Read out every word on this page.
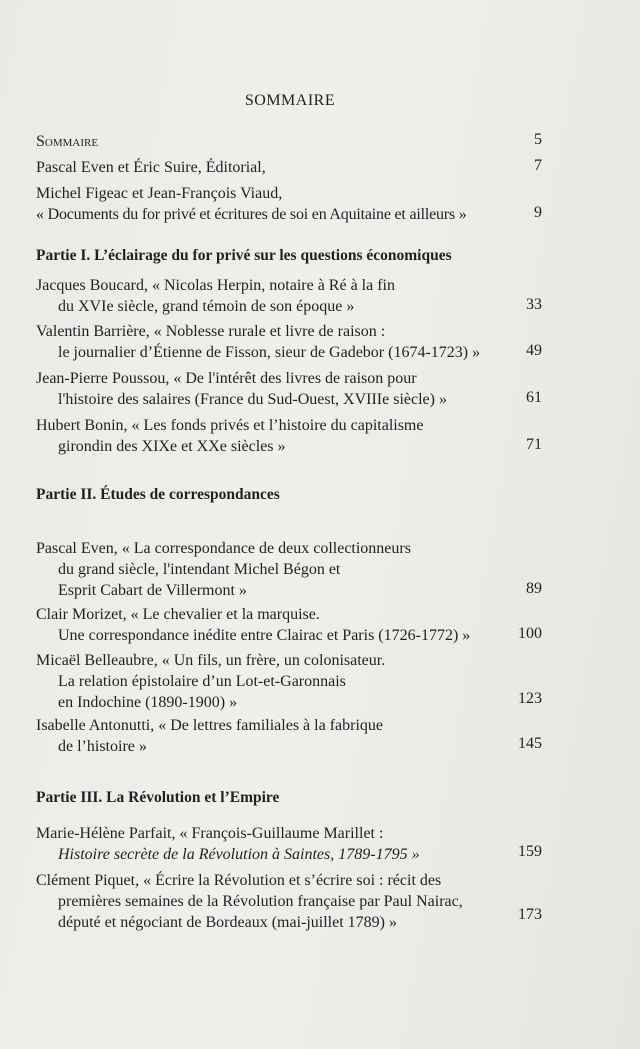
SOMMAIRE
Sommaire	5
Pascal Even et Éric Suire, Éditorial,	7
Michel Figeac et Jean-François Viaud,
« Documents du for privé et écritures de soi en Aquitaine et ailleurs »	9
Partie I. L’éclairage du for privé sur les questions économiques
Jacques Boucard, « Nicolas Herpin, notaire à Ré à la fin
du XVIe siècle, grand témoin de son époque »	33
Valentin Barrière, « Noblesse rurale et livre de raison :
le journalier d’Étienne de Fisson, sieur de Gadebor (1674-1723) »	49
Jean-Pierre Poussou, « De l'intérêt des livres de raison pour
l'histoire des salaires (France du Sud-Ouest, XVIIIe siècle) »	61
Hubert Bonin, « Les fonds privés et l’histoire du capitalisme
girondin des XIXe et XXe siècles »	71
Partie II. Études de correspondances
Pascal Even, « La correspondance de deux collectionneurs
du grand siècle, l'intendant Michel Bégon et
Esprit Cabart de Villermont »	89
Clair Morizet, « Le chevalier et la marquise.
Une correspondance inédite entre Clairac et Paris (1726-1772) »	100
Micaël Belleaubre, « Un fils, un frère, un colonisateur.
La relation épistolaire d’un Lot-et-Garonnais
en Indochine (1890-1900) »	123
Isabelle Antonutti, « De lettres familiales à la fabrique
de l’histoire »	145
Partie III. La Révolution et l’Empire
Marie-Hélène Parfait, « François-Guillaume Marillet :
Histoire secrète de la Révolution à Saintes, 1789-1795 »	159
Clément Piquet, « Écrire la Révolution et s’écrire soi : récit des
premières semaines de la Révolution française par Paul Nairac,
député et négociant de Bordeaux (mai-juillet 1789) »	173
